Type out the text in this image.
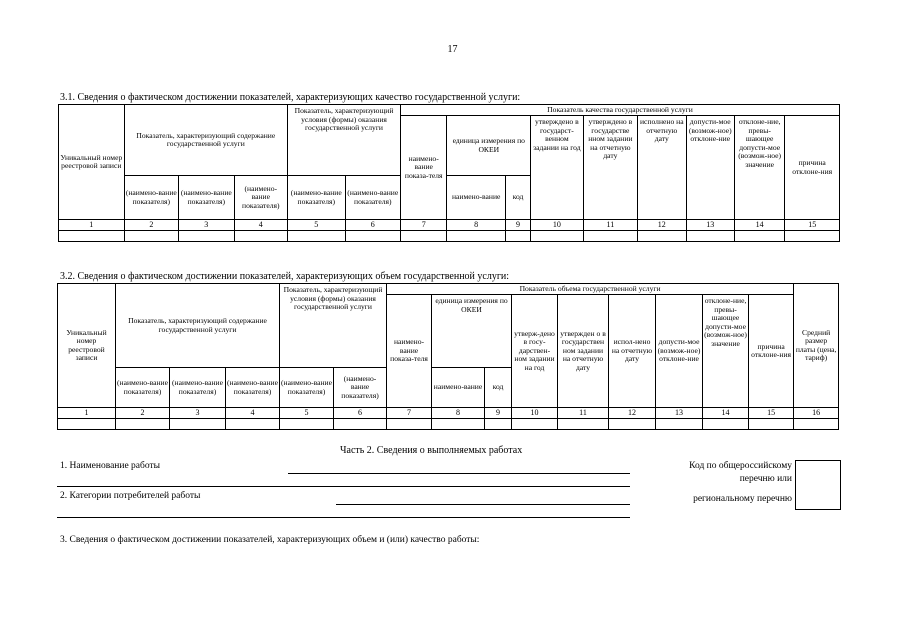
17
3.1. Сведения о фактическом достижении показателей, характеризующих качество государственной услуги:
Уникальный номер реестровой записи	Показатель, характеризующий содержание государственной услуги			Показатель, характеризующий условия (формы) оказания государственной услуги		Показатель качества государственной услуги								
						наимено-вание показа-теля	единица измерения по ОКЕИ		утверждено в государст-венном задании на год	утверждено в государстве нном задании на отчетную дату	исполнено на отчетную дату	допусти-мое (возмож-ное) отклоне-ние	отклоне-ние, превы-шающее допусти-мое (возмож-ное) значение	причина отклоне-ния
	(наимено-вание показателя)	(наимено-вание показателя)	(наимено-вание показателя)	(наимено-вание показателя)	(наимено-вание показателя)		наимено-вание	код						
1	2	3	4	5	6	7	8	9	10	11	12	13	14	15

3.2. Сведения о фактическом достижении показателей, характеризующих объем государственной услуги:
Уникальный номер реестровой записи	Показатель, характеризующий содержание государственной услуги			Показатель, характеризующий условия (формы) оказания государственной услуги		Показатель объема государственной услуги									Средний размер платы (цена, тариф)
						наимено-вание показа-теля	единица измерения по ОКЕИ		утверж-дено в госу-дарствен-ном задании на год	утвержден о в государствен ном задании на отчетную дату	испол-нено на отчетную дату	допусти-мое (возмож-ное) отклоне-ние	отклоне-ние, превы-шающее допусти-мое (возмож-ное) значение	причина отклоне-ния	
	(наимено-вание показателя)	(наимено-вание показателя)	(наимено-вание показателя)	(наимено-вание показателя)	(наимено-вание показателя)		наимено-вание	код							
1	2	3	4	5	6	7	8	9	10	11	12	13	14	15	16

Часть 2. Сведения о выполняемых работах
1. Наименование работы
2. Категории потребителей работы
Код по общероссийскому
перечню или
региональному перечню
3. Сведения о фактическом достижении показателей, характеризующих объем и (или) качество работы:
